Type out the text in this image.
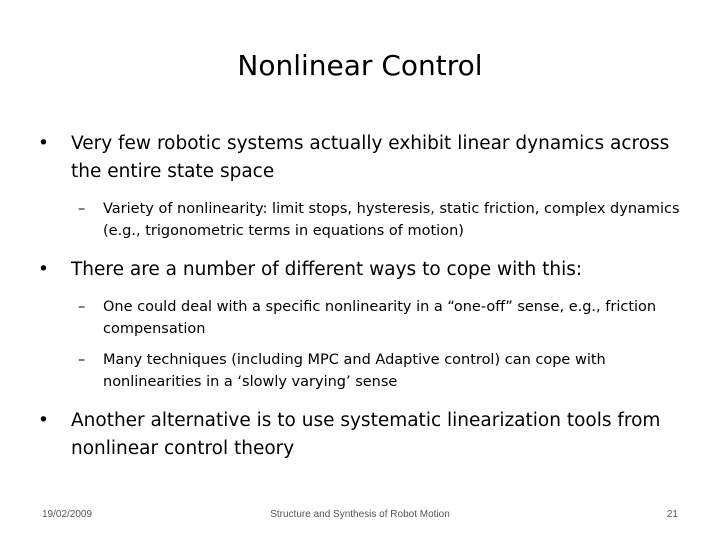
Nonlinear Control
• Very few robotic systems actually exhibit linear dynamics across the entire state space
– Variety of nonlinearity: limit stops, hysteresis, static friction, complex dynamics (e.g., trigonometric terms in equations of motion)
• There are a number of different ways to cope with this:
– One could deal with a specific nonlinearity in a “one-off” sense, e.g., friction compensation
– Many techniques (including MPC and Adaptive control) can cope with nonlinearities in a ‘slowly varying’ sense
• Another alternative is to use systematic linearization tools from nonlinear control theory
19/02/2009	Structure and Synthesis of Robot Motion	21
